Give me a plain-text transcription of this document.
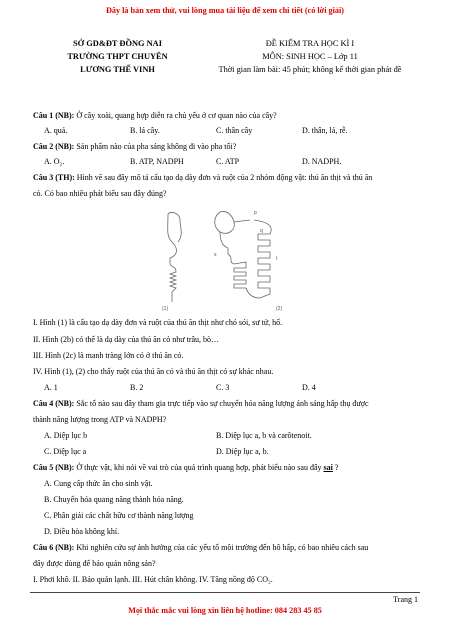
Đây là bản xem thử, vui lòng mua tài liệu để xem chi tiết (có lời giải)
SỞ GD&ĐT ĐỒNG NAI
TRƯỜNG THPT CHUYÊN
LƯƠNG THẾ VINH
ĐỀ KIỂM TRA HỌC KÌ I
MÔN: SINH HỌC – Lớp 11
Thời gian làm bài: 45 phút; không kể thời gian phát đề
Câu 1 (NB): Ở cây xoài, quang hợp diễn ra chủ yếu ở cơ quan nào của cây?
A. quả.	B. lá cây.	C. thân cây	D. thân, lá, rễ.
Câu 2 (NB): Sản phẩm nào của pha sáng không đi vào pha tối?
A. O₂.	B. ATP, NADPH	C. ATP	D. NADPH.
Câu 3 (TH): Hình vẽ sau đây mô tả cấu tạo dạ dày đơn và ruột của 2 nhóm động vật: thú ăn thịt và thú ăn
cỏ. Có bao nhiêu phát biểu sau đây đúng?
p
q
s
t
(1)	(2)
I. Hình (1) là cấu tạo dạ dày đơn và ruột của thú ăn thịt như chó sói, sư tử, hổ.
II. Hình (2b) có thể là dạ dày của thú ăn cỏ như trâu, bò…
III. Hình (2c) là manh tràng lớn có ở thú ăn cỏ.
IV. Hình (1), (2) cho thấy ruột của thú ăn cỏ và thú ăn thịt có sự khác nhau.
A. 1	B. 2	C. 3	D. 4
Câu 4 (NB): Sắc tố nào sau đây tham gia trực tiếp vào sự chuyển hóa năng lượng ánh sáng hấp thụ được
thành năng lượng trong ATP và NADPH?
A. Diệp lục b	B. Diệp lục a, b và carôtenoit.
C. Diệp lục a	D. Diệp lục a, b.
Câu 5 (NB): Ở thực vật, khi nói về vai trò của quá trình quang hợp, phát biểu nào sau đây sai ?
A. Cung cấp thức ăn cho sinh vật.
B. Chuyển hóa quang năng thành hóa năng.
C. Phân giải các chất hữu cơ thành năng lượng
D. Điều hòa không khí.
Câu 6 (NB): Khi nghiên cứu sự ảnh hưởng của các yếu tố môi trường đến hô hấp, có bao nhiêu cách sau
đây được dùng để bảo quản nông sản?
I. Phơi khô. II. Bảo quản lạnh. III. Hút chân không. IV. Tăng nồng độ CO₂.
Trang 1
Mọi thắc mắc vui lòng xin liên hệ hotline: 084 283 45 85
